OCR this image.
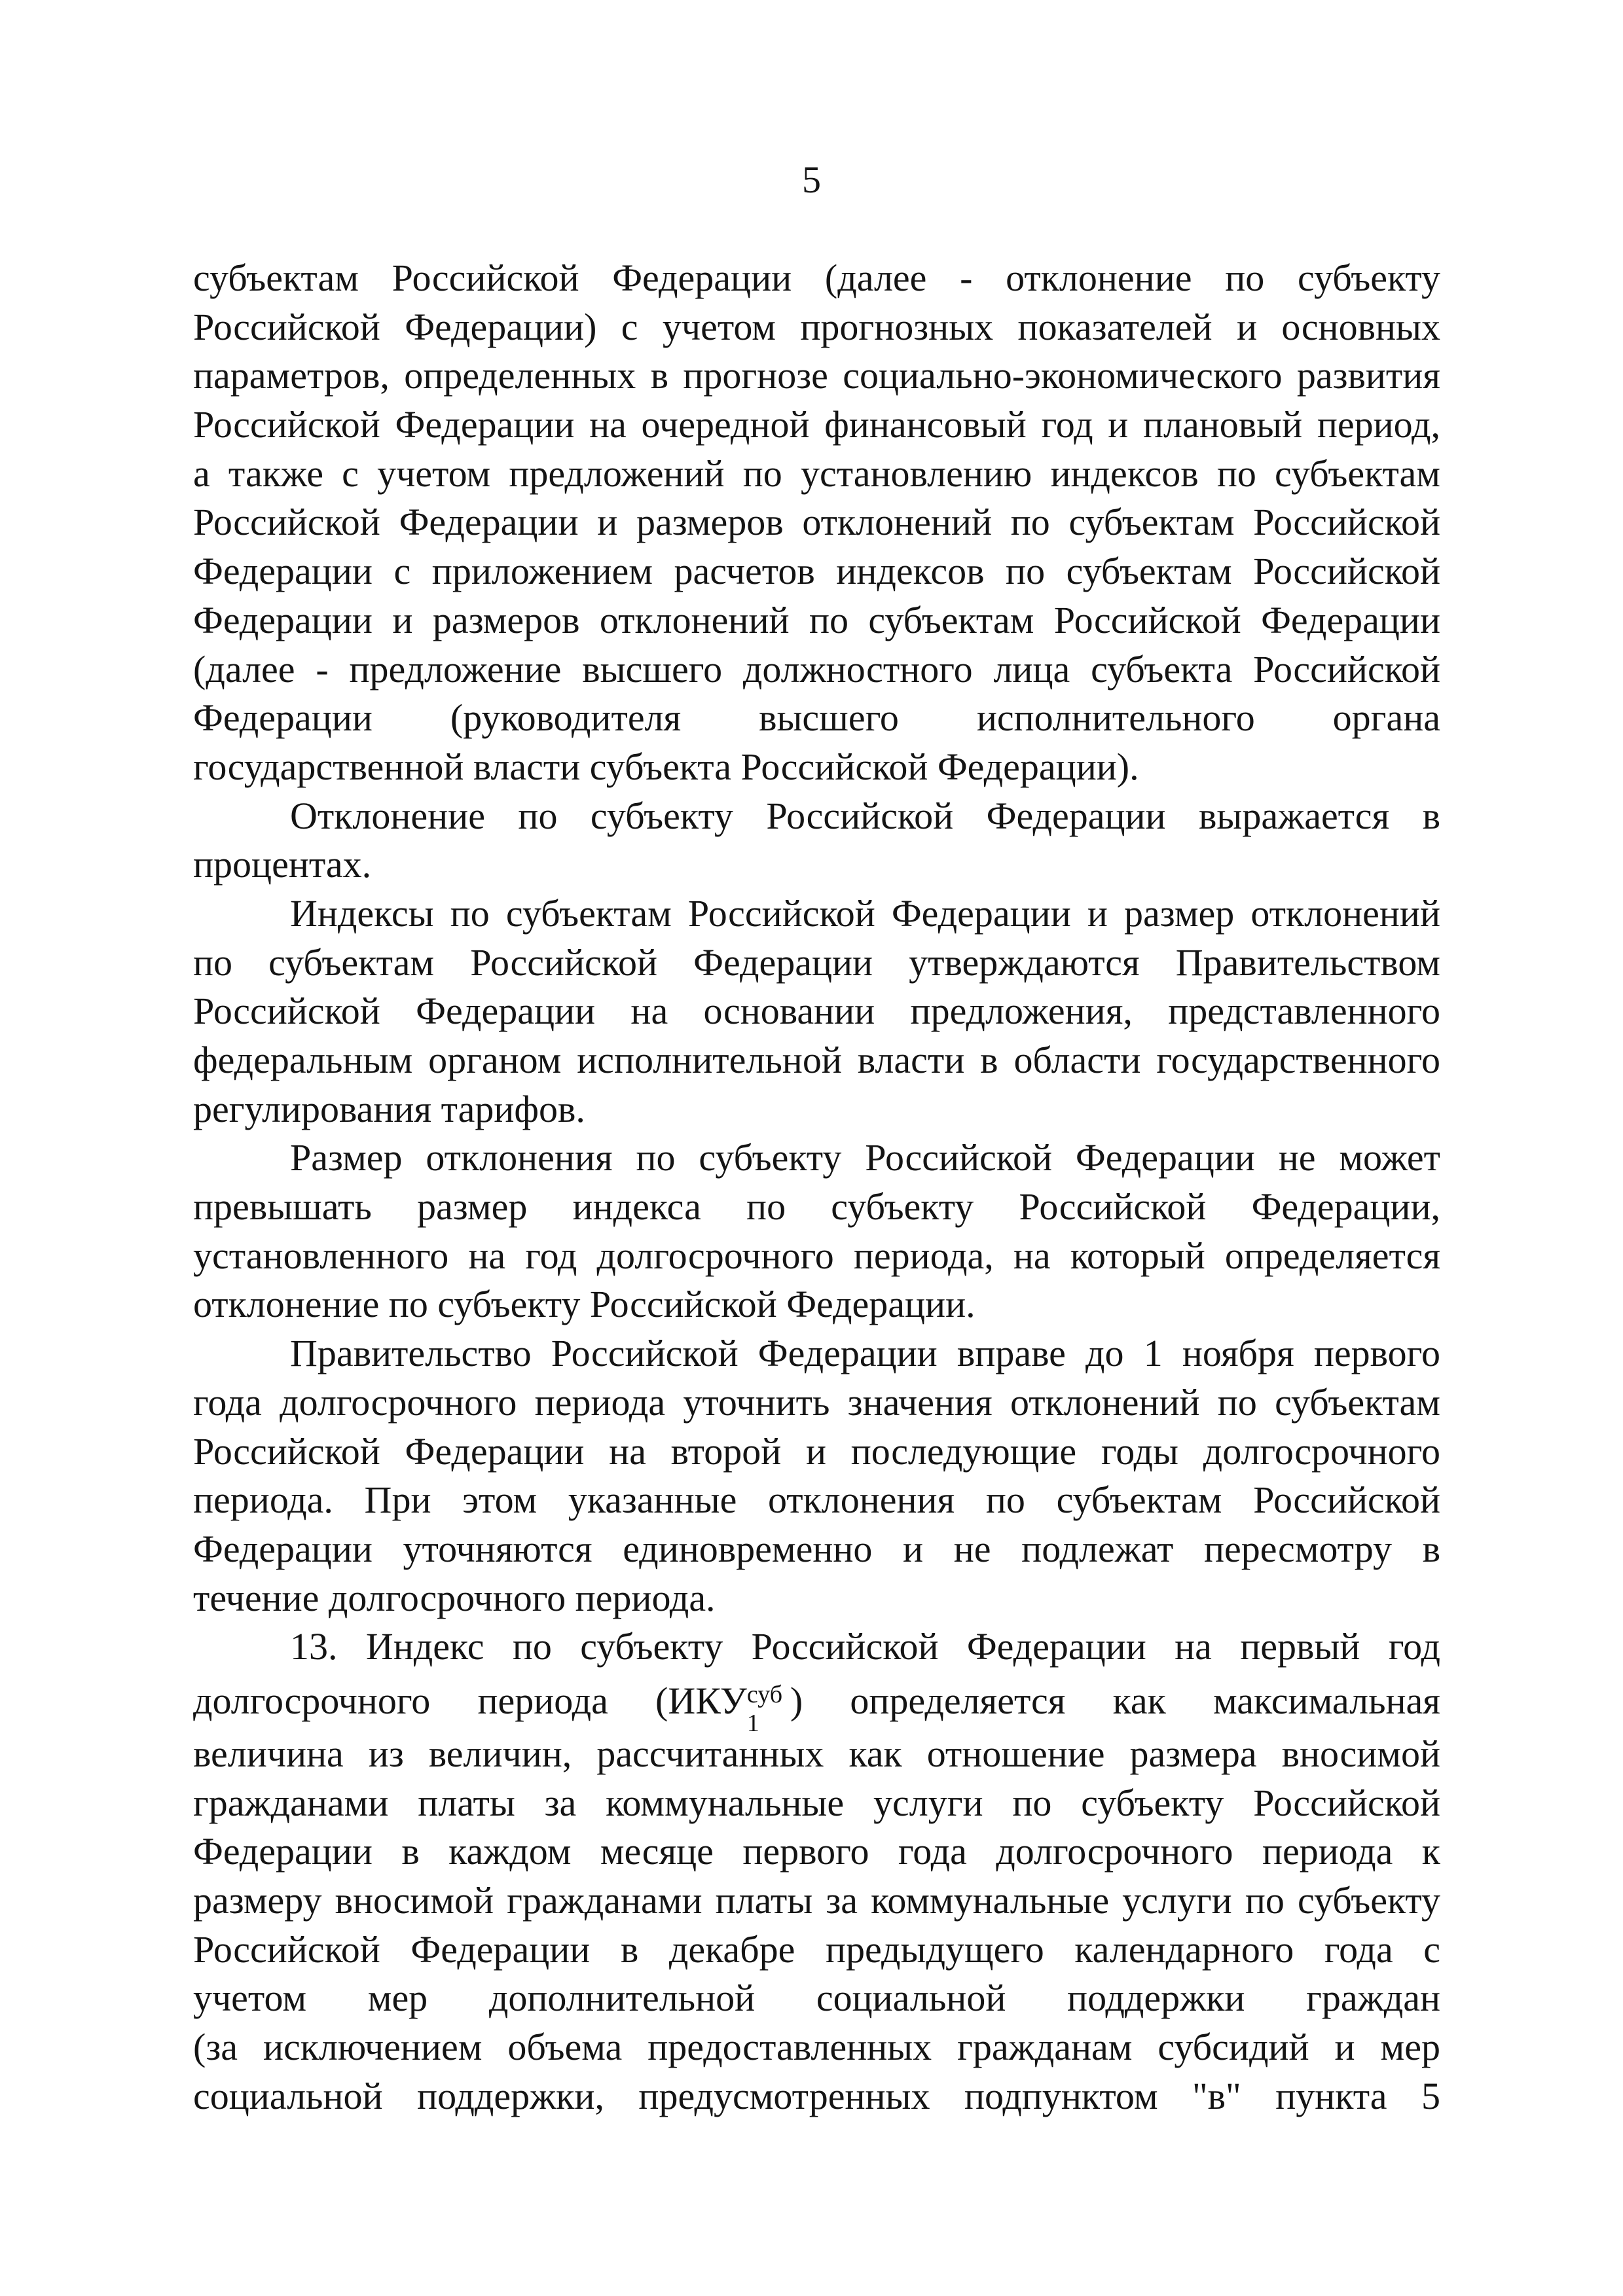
5
субъектам Российской Федерации (далее - отклонение по субъекту
Российской Федерации) с учетом прогнозных показателей и основных
параметров, определенных в прогнозе социально-экономического развития
Российской Федерации на очередной финансовый год и плановый период,
а также с учетом предложений по установлению индексов по субъектам
Российской Федерации и размеров отклонений по субъектам Российской
Федерации с приложением расчетов индексов по субъектам Российской
Федерации и размеров отклонений по субъектам Российской Федерации
(далее - предложение высшего должностного лица субъекта Российской
Федерации (руководителя высшего исполнительного органа
государственной власти субъекта Российской Федерации).
Отклонение по субъекту Российской Федерации выражается в
процентах.
Индексы по субъектам Российской Федерации и размер отклонений
по субъектам Российской Федерации утверждаются Правительством
Российской Федерации на основании предложения, представленного
федеральным органом исполнительной власти в области государственного
регулирования тарифов.
Размер отклонения по субъекту Российской Федерации не может
превышать размер индекса по субъекту Российской Федерации,
установленного на год долгосрочного периода, на который определяется
отклонение по субъекту Российской Федерации.
Правительство Российской Федерации вправе до 1 ноября первого
года долгосрочного периода уточнить значения отклонений по субъектам
Российской Федерации на второй и последующие годы долгосрочного
периода. При этом указанные отклонения по субъектам Российской
Федерации уточняются единовременно и не подлежат пересмотру в
течение долгосрочного периода.
13. Индекс по субъекту Российской Федерации на первый год
долгосрочного периода (ИКУ суб
1
) определяется как максимальная
величина из величин, рассчитанных как отношение размера вносимой
гражданами платы за коммунальные услуги по субъекту Российской
Федерации в каждом месяце первого года долгосрочного периода к
размеру вносимой гражданами платы за коммунальные услуги по субъекту
Российской Федерации в декабре предыдущего календарного года с
учетом мер дополнительной социальной поддержки граждан
(за исключением объема предоставленных гражданам субсидий и мер
социальной поддержки, предусмотренных подпунктом "в" пункта 5
